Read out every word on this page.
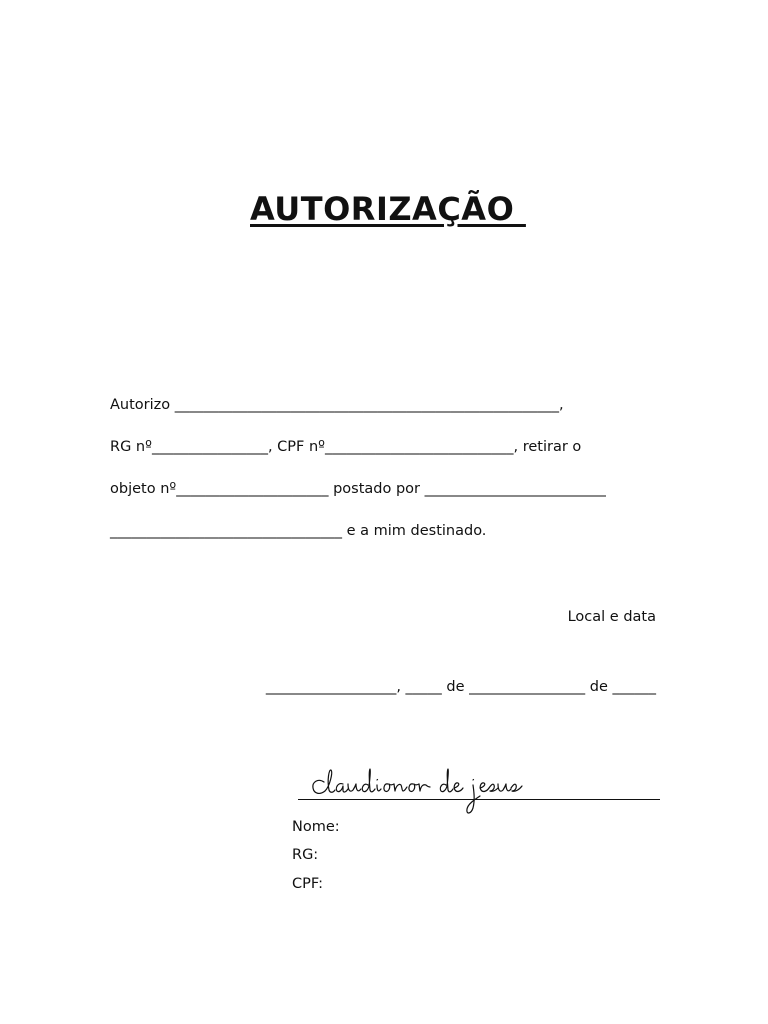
AUTORIZAÇÃO
Autorizo _____________________________________________________,
RG nº________________, CPF nº__________________________, retirar o
objeto nº_____________________ postado por _________________________
________________________________ e a mim destinado.
Local e data
__________________, _____ de ________________ de ______
Nome:
RG:
CPF:
